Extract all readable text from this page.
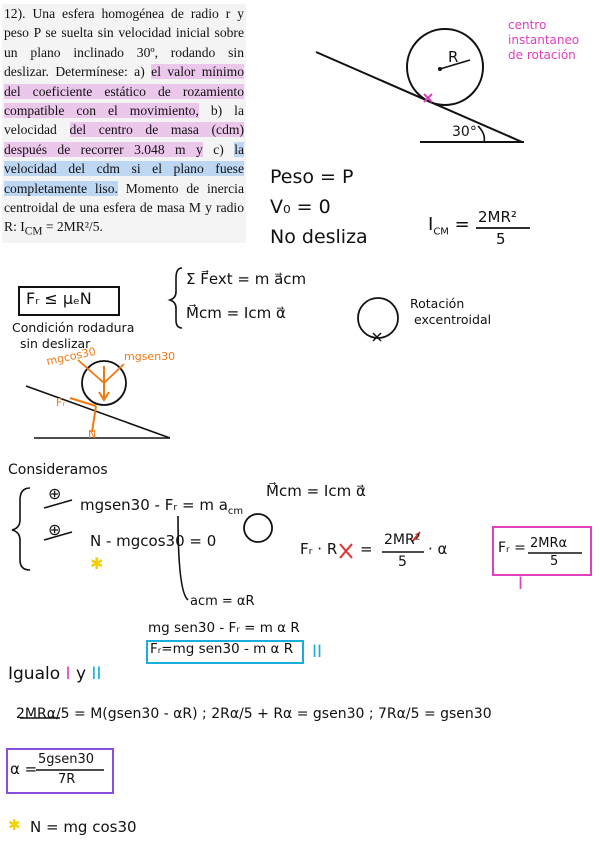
12). Una esfera homogénea de radio r y peso P se suelta sin velocidad inicial sobre un plano inclinado 30º, rodando sin deslizar. Determínese: a) el valor mínimo del coeficiente estático de rozamiento compatible con el movimiento, b) la velocidad del centro de masa (cdm) después de recorrer 3.048 m y c) la velocidad del cdm si el plano fuese completamente liso. Momento de inercia centroidal de una esfera de masa M y radio R: $I_{CM} = 2MR^2/5$.
R
30°
centro
instantaneo
de rotación
Peso = P
V₀ = 0
No desliza
$I_{CM} = 2MR^2$
5
Fᵣ ≤ μₑN
Condición rodadura
sin deslizar
Σ F⃗ext = m a⃗cm
M⃗cm = Icm α⃗
Rotación
excentroidal
mgcos30 mgsen30
Fᵣ
N
Consideramos
⊕
mgsen30 - Fᵣ = m $a_{cm}$
⊕
N - mgcos30 = 0
✱
acm = αR
M⃗cm = Icm α⃗
Fᵣ · R = 2MR²
5
· α	Fᵣ = 2MRα
5
I
mg sen30 - Fᵣ = m α R
Fᵣ=mg sen30 - m α R II
Igualo I y II
2MRα/5 = M(gsen30 - αR) ; 2Rα/5 + Rα = gsen30 ; 7Rα/5 = gsen30
α =
5gsen30
7R
✱ N = mg cos30
